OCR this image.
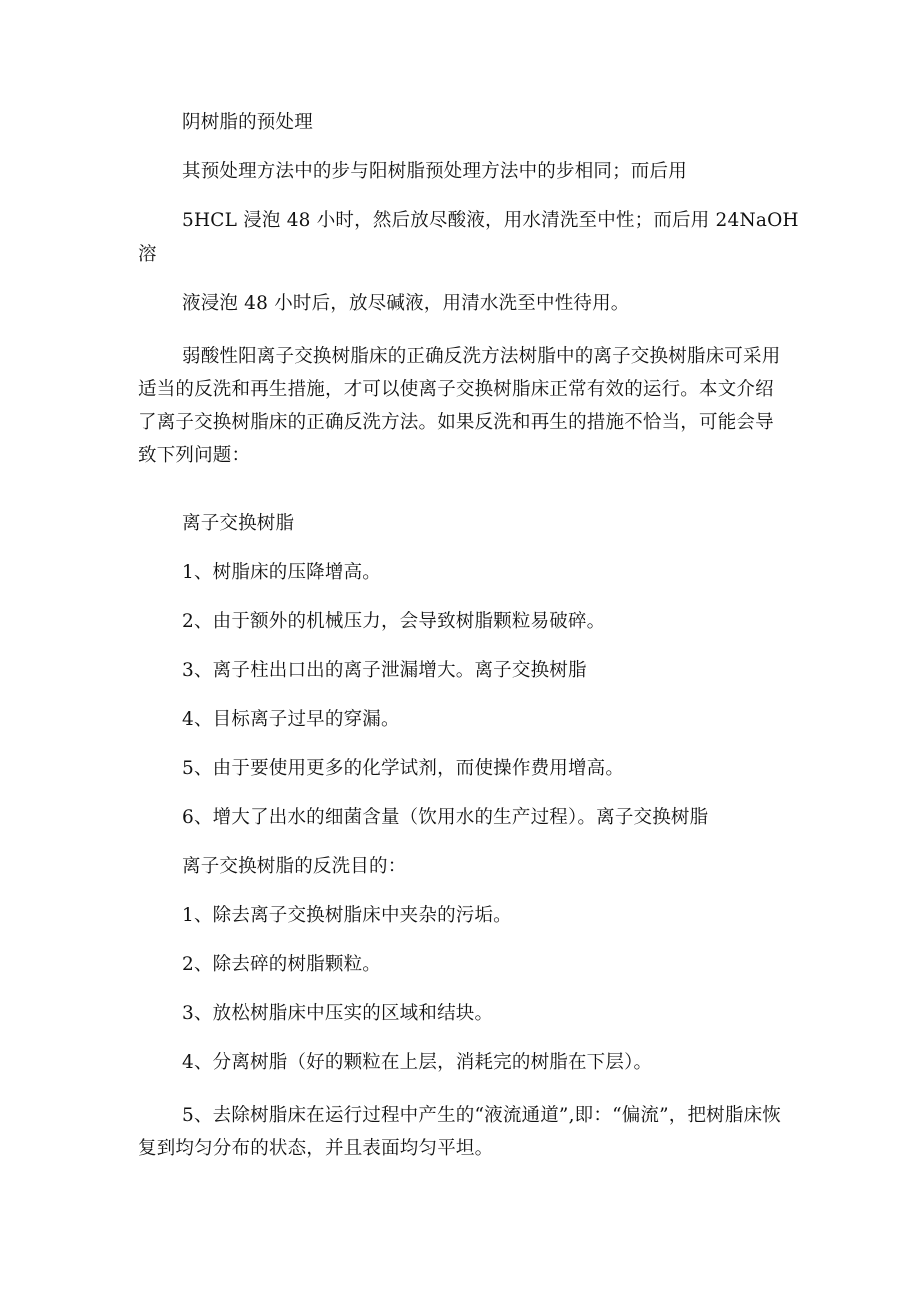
阴树脂的预处理
其预处理方法中的步与阳树脂预处理方法中的步相同；而后用
5HCL 浸泡 48 小时，然后放尽酸液，用水清洗至中性；而后用 24NaOH
溶
液浸泡 48 小时后，放尽碱液，用清水洗至中性待用。

弱酸性阳离子交换树脂床的正确反洗方法树脂中的离子交换树脂床可采用适当的反洗和再生措施，才可以使离子交换树脂床正常有效的运行。本文介绍了离子交换树脂床的正确反洗方法。如果反洗和再生的措施不恰当，可能会导致下列问题：

离子交换树脂
1、树脂床的压降增高。
2、由于额外的机械压力，会导致树脂颗粒易破碎。
3、离子柱出口出的离子泄漏增大。离子交换树脂
4、目标离子过早的穿漏。
5、由于要使用更多的化学试剂，而使操作费用增高。
6、增大了出水的细菌含量（饮用水的生产过程）。离子交换树脂
离子交换树脂的反洗目的：
1、除去离子交换树脂床中夹杂的污垢。
2、除去碎的树脂颗粒。
3、放松树脂床中压实的区域和结块。
4、分离树脂（好的颗粒在上层，消耗完的树脂在下层）。

5、去除树脂床在运行过程中产生的“液流通道”,即：“偏流”，把树脂床恢复到均匀分布的状态，并且表面均匀平坦。
